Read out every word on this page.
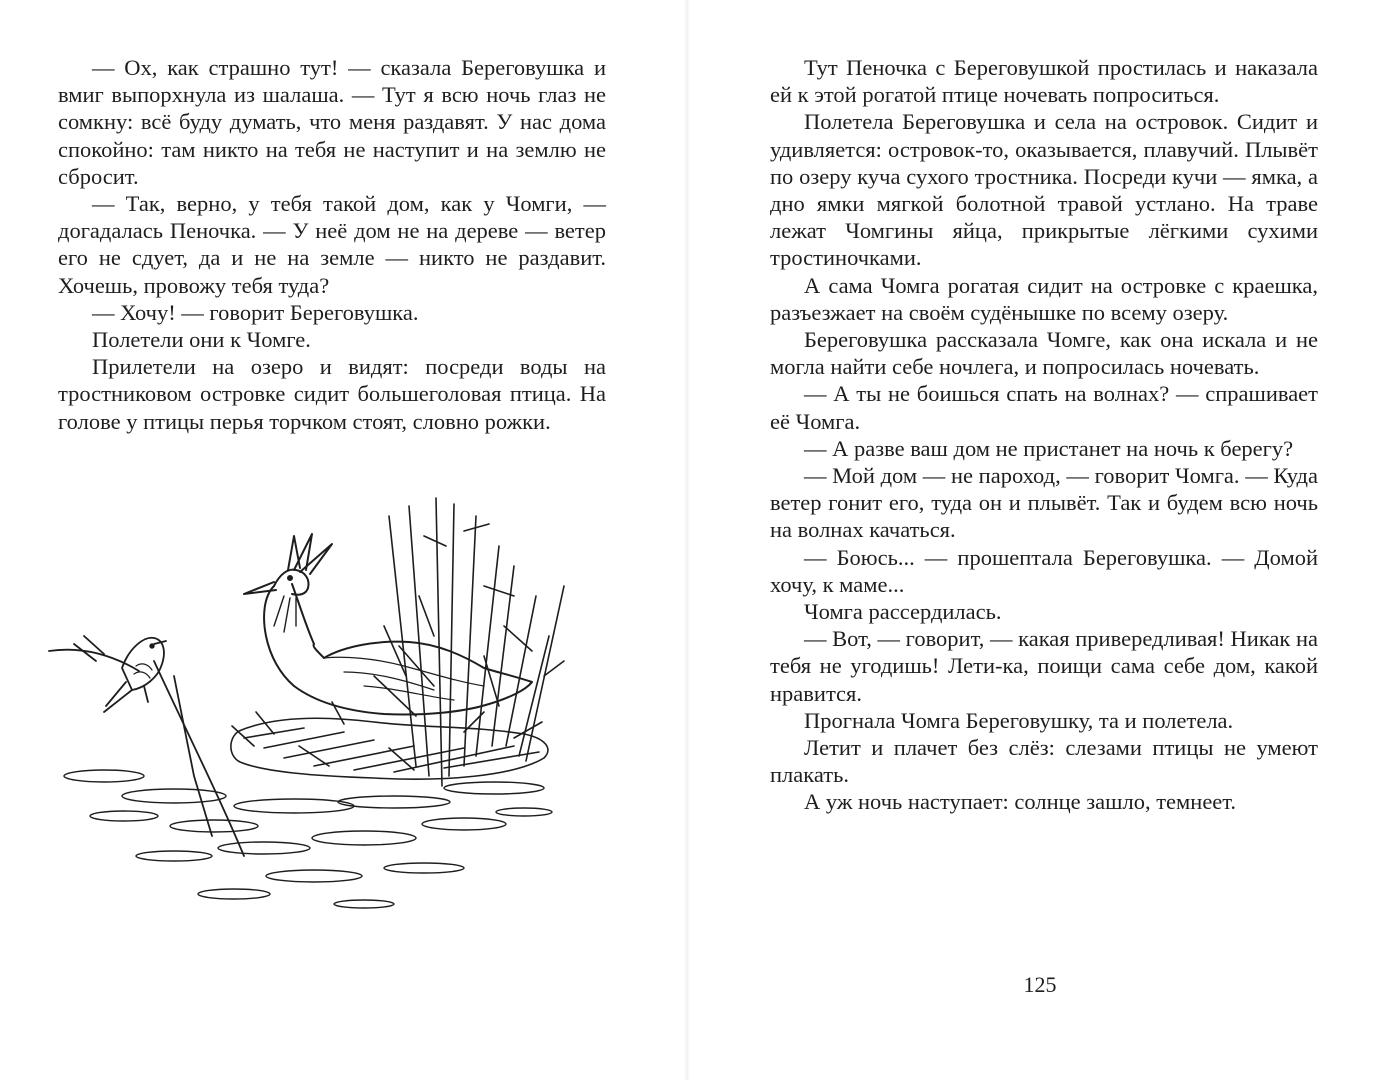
— Ох, как страшно тут! — сказала Береговушка и вмиг выпорхнула из шалаша. — Тут я всю ночь глаз не сомкну: всё буду думать, что меня раздавят. У нас дома спокойно: там никто на тебя не наступит и на землю не сбросит.

— Так, верно, у тебя такой дом, как у Чомги, — догадалась Пеночка. — У неё дом не на дереве — ветер его не сдует, да и не на земле — никто не раздавит. Хочешь, провожу тебя туда?

— Хочу! — говорит Береговушка.

Полетели они к Чомге.

Прилетели на озеро и видят: посреди воды на тростниковом островке сидит большеголовая птица. На голове у птицы перья торчком стоят, словно рожки.

Тут Пеночка с Береговушкой простилась и наказала ей к этой рогатой птице ночевать попроситься.

Полетела Береговушка и села на островок. Сидит и удивляется: островок-то, оказывается, плавучий. Плывёт по озеру куча сухого тростника. Посреди кучи — ямка, а дно ямки мягкой болотной травой устлано. На траве лежат Чомгины яйца, прикрытые лёгкими сухими тростиночками.

А сама Чомга рогатая сидит на островке с краешка, разъезжает на своём судёнышке по всему озеру.

Береговушка рассказала Чомге, как она искала и не могла найти себе ночлега, и попросилась ночевать.

— А ты не боишься спать на волнах? — спрашивает её Чомга.

— А разве ваш дом не пристанет на ночь к берегу?

— Мой дом — не пароход, — говорит Чомга. — Куда ветер гонит его, туда он и плывёт. Так и будем всю ночь на волнах качаться.

— Боюсь... — прошептала Береговушка. — Домой хочу, к маме...

Чомга рассердилась.

— Вот, — говорит, — какая привередливая! Никак на тебя не угодишь! Лети-ка, поищи сама себе дом, какой нравится.

Прогнала Чомга Береговушку, та и полетела.

Летит и плачет без слёз: слезами птицы не умеют плакать.

А уж ночь наступает: солнце зашло, темнеет.

125
